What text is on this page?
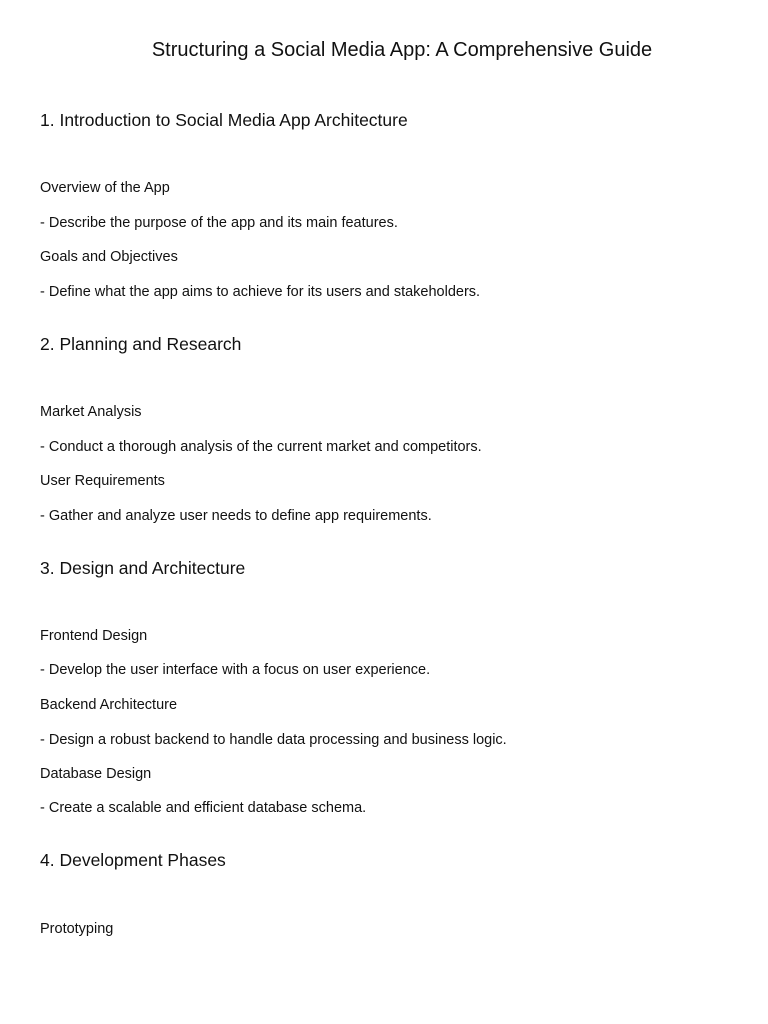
Structuring a Social Media App: A Comprehensive Guide
1. Introduction to Social Media App Architecture

Overview of the App

- Describe the purpose of the app and its main features.

Goals and Objectives

- Define what the app aims to achieve for its users and stakeholders.

2. Planning and Research

Market Analysis

- Conduct a thorough analysis of the current market and competitors.

User Requirements

- Gather and analyze user needs to define app requirements.

3. Design and Architecture

Frontend Design

- Develop the user interface with a focus on user experience.

Backend Architecture

- Design a robust backend to handle data processing and business logic.

Database Design

- Create a scalable and efficient database schema.

4. Development Phases

Prototyping
